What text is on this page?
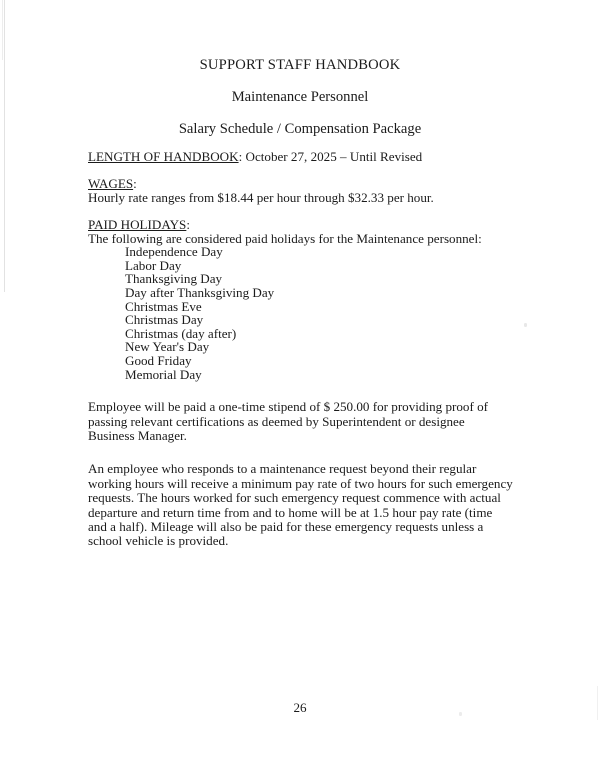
SUPPORT STAFF HANDBOOK

Maintenance Personnel

Salary Schedule / Compensation Package

LENGTH OF HANDBOOK: October 27, 2025 – Until Revised

WAGES:

Hourly rate ranges from $18.44 per hour through $32.33 per hour.

PAID HOLIDAYS:

The following are considered paid holidays for the Maintenance personnel:

Independence Day
Labor Day
Thanksgiving Day
Day after Thanksgiving Day
Christmas Eve
Christmas Day
Christmas (day after)
New Year's Day
Good Friday
Memorial Day

Employee will be paid a one-time stipend of $ 250.00 for providing proof of passing relevant certifications as deemed by Superintendent or designee Business Manager.

An employee who responds to a maintenance request beyond their regular working hours will receive a minimum pay rate of two hours for such emergency requests. The hours worked for such emergency request commence with actual departure and return time from and to home will be at 1.5 hour pay rate (time and a half). Mileage will also be paid for these emergency requests unless a school vehicle is provided.

26
